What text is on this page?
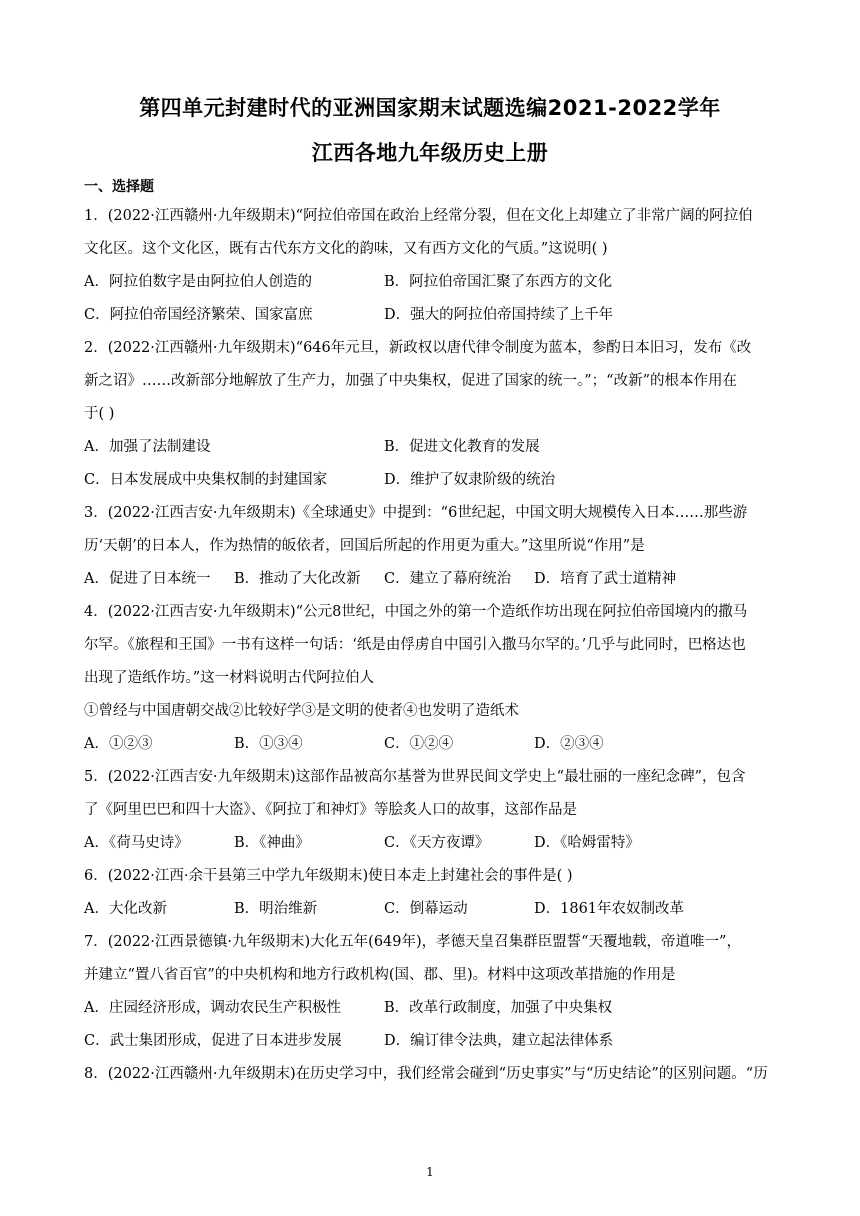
第四单元封建时代的亚洲国家期末试题选编2021-2022学年
江西各地九年级历史上册
一、选择题
1．(2022·江西赣州·九年级期末)“阿拉伯帝国在政治上经常分裂，但在文化上却建立了非常广阔的阿拉伯
文化区。这个文化区，既有古代东方文化的韵味，又有西方文化的气质。”这说明( )
A．阿拉伯数字是由阿拉伯人创造的	B．阿拉伯帝国汇聚了东西方的文化
C．阿拉伯帝国经济繁荣、国家富庶	D．强大的阿拉伯帝国持续了上千年
2．(2022·江西赣州·九年级期末)“646年元旦，新政权以唐代律令制度为蓝本，参酌日本旧习，发布《改
新之诏》……改新部分地解放了生产力，加强了中央集权，促进了国家的统一。”；“改新”的根本作用在
于( )
A．加强了法制建设	B．促进文化教育的发展
C．日本发展成中央集权制的封建国家	D．维护了奴隶阶级的统治
3．(2022·江西吉安·九年级期末)《全球通史》中提到：“6世纪起，中国文明大规模传入日本……那些游
历‘天朝’的日本人，作为热情的皈依者，回国后所起的作用更为重大。”这里所说“作用”是
A．促进了日本统一	B．推动了大化改新	C．建立了幕府统治	D．培育了武士道精神
4．(2022·江西吉安·九年级期末)“公元8世纪，中国之外的第一个造纸作坊出现在阿拉伯帝国境内的撒马
尔罕。《旅程和王国》一书有这样一句话：‘纸是由俘虏自中国引入撒马尔罕的。’几乎与此同时，巴格达也
出现了造纸作坊。”这一材料说明古代阿拉伯人
①曾经与中国唐朝交战②比较好学③是文明的使者④也发明了造纸术
A．①②③	B．①③④	C．①②④	D．②③④
5．(2022·江西吉安·九年级期末)这部作品被高尔基誉为世界民间文学史上“最壮丽的一座纪念碑”，包含
了《阿里巴巴和四十大盗》、《阿拉丁和神灯》等脍炙人口的故事，这部作品是
A．《荷马史诗》	B．《神曲》	C．《天方夜谭》	D．《哈姆雷特》
6．(2022·江西·余干县第三中学九年级期末)使日本走上封建社会的事件是( )
A．大化改新	B．明治维新	C．倒幕运动	D．1861年农奴制改革
7．(2022·江西景德镇·九年级期末)大化五年(649年)，孝德天皇召集群臣盟誓“天覆地载，帝道唯一”，
并建立“置八省百官”的中央机构和地方行政机构(国、郡、里)。材料中这项改革措施的作用是
A．庄园经济形成，调动农民生产积极性	B．改革行政制度，加强了中央集权
C．武士集团形成，促进了日本进步发展	D．编订律令法典，建立起法律体系
8．(2022·江西赣州·九年级期末)在历史学习中，我们经常会碰到“历史事实”与“历史结论”的区别问题。“历
1
